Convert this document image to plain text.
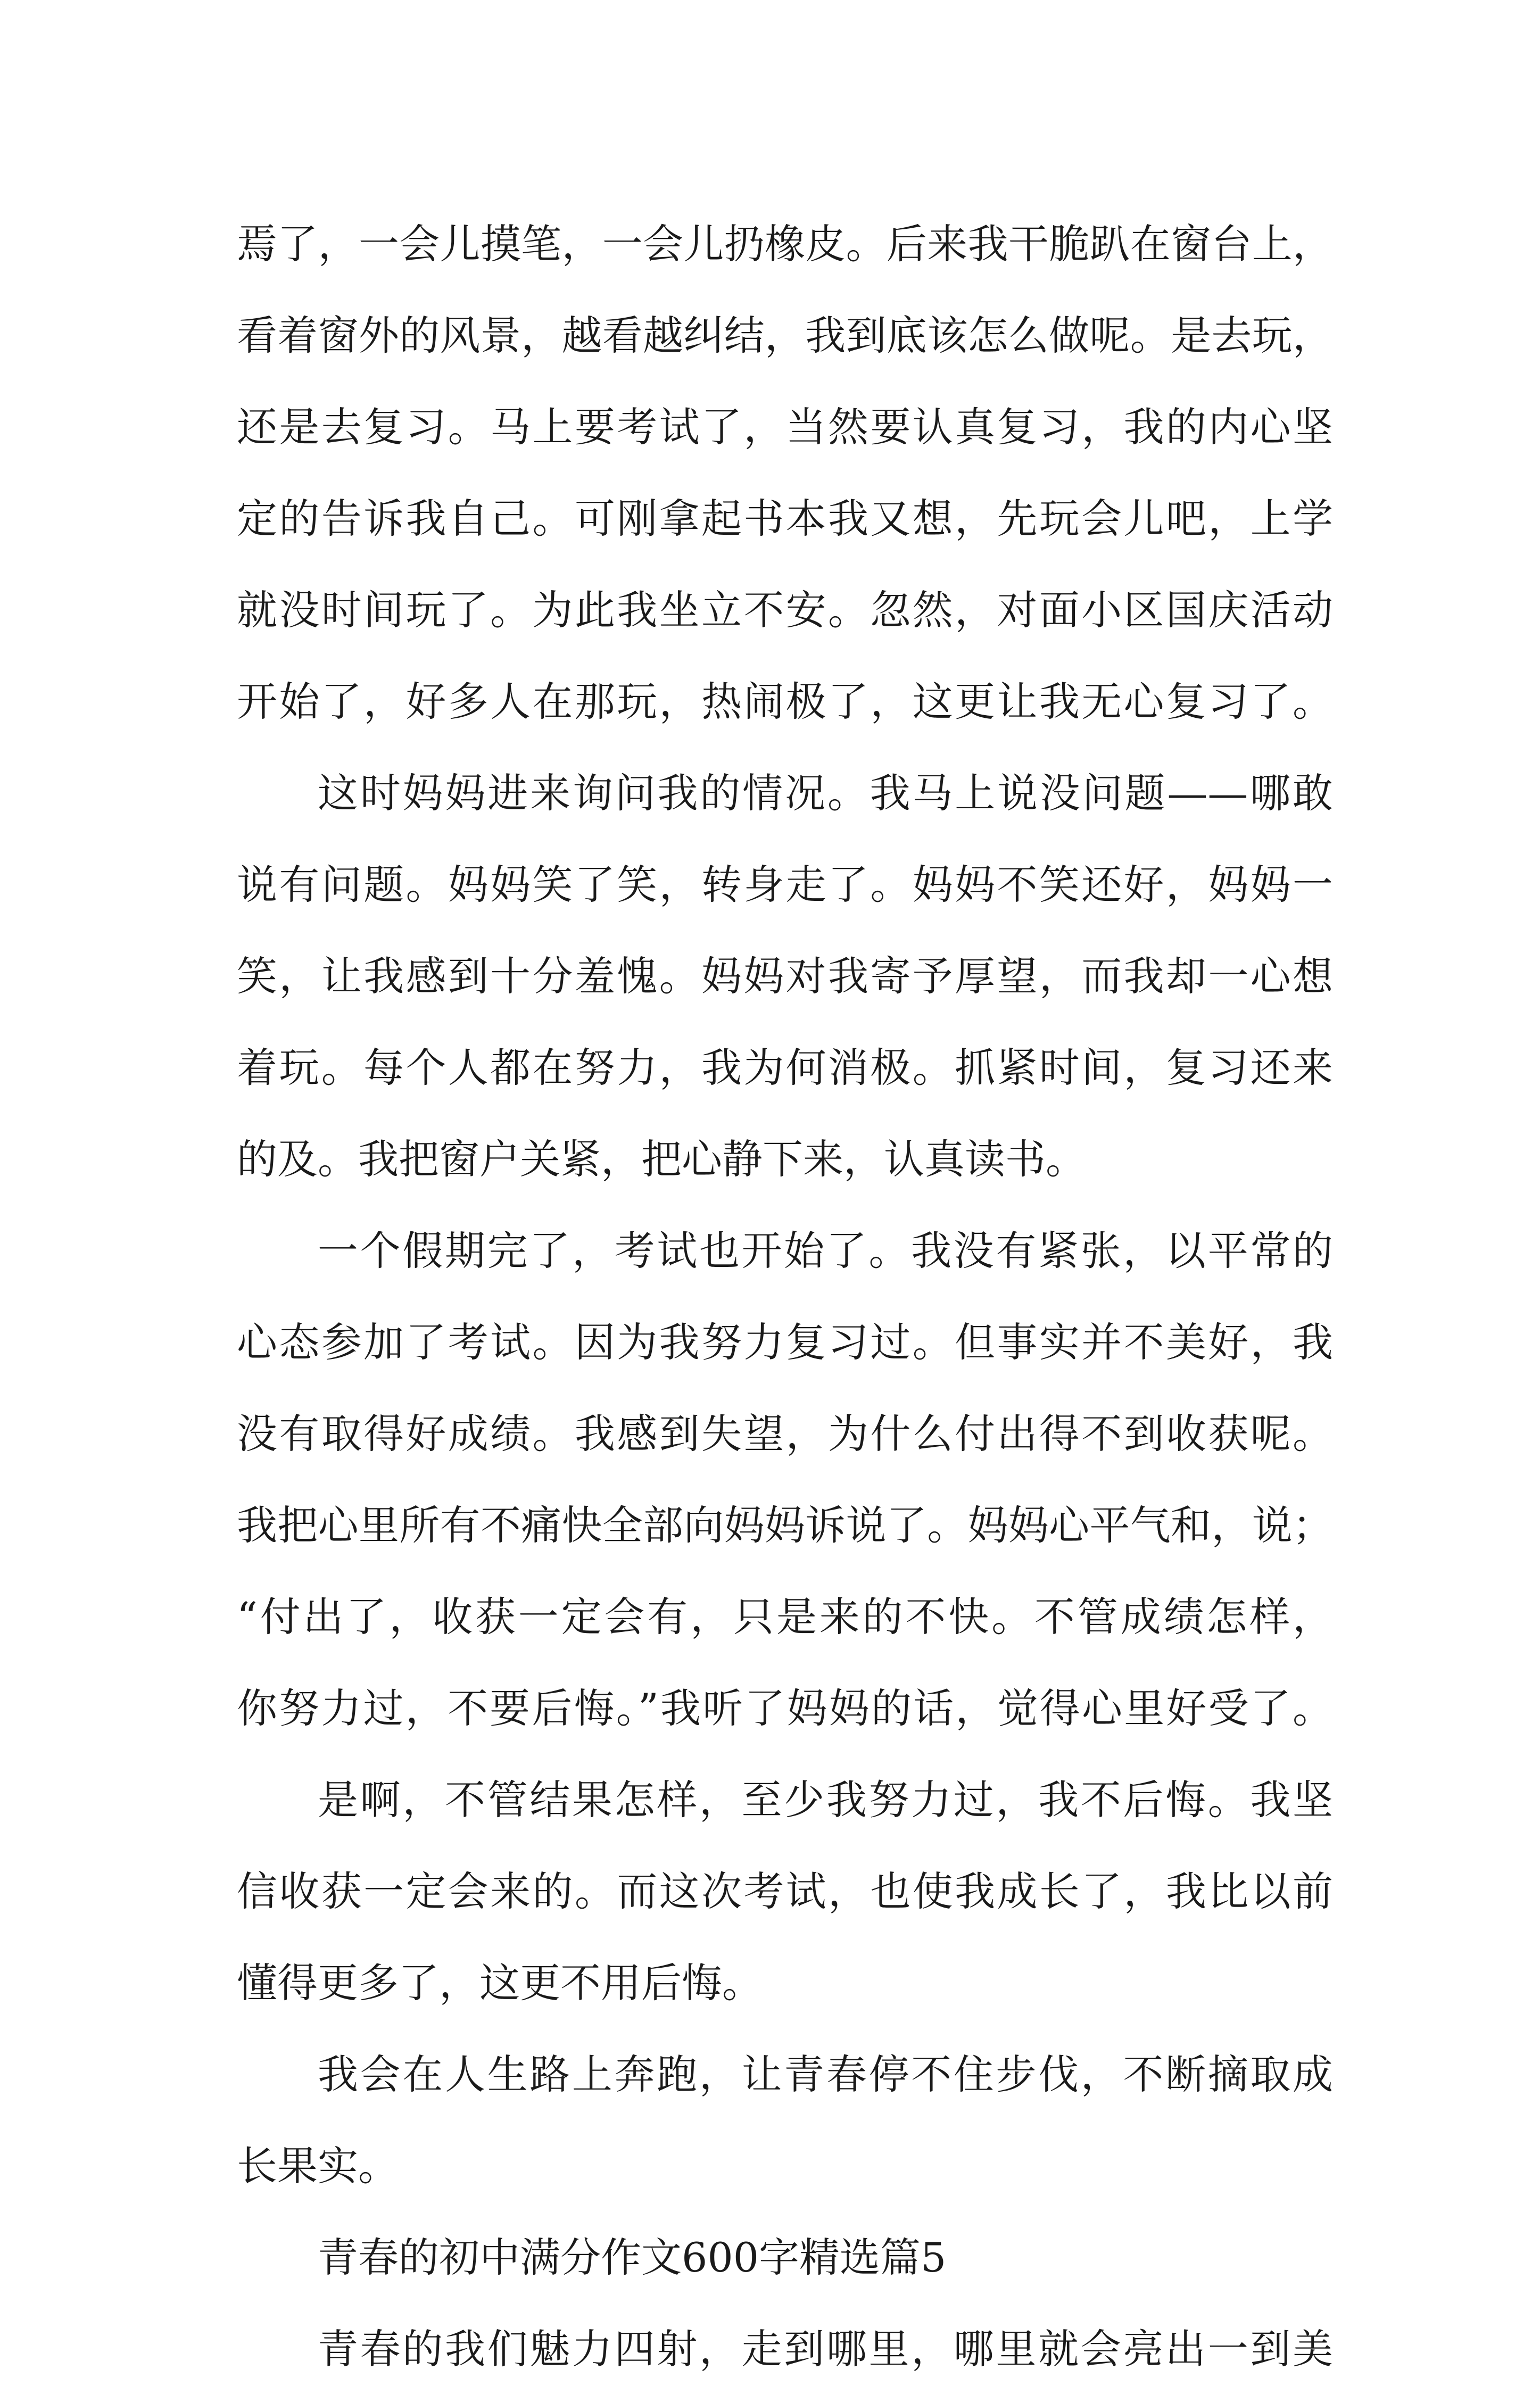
焉了，一会儿摸笔，一会儿扔橡皮。后来我干脆趴在窗台上，
看着窗外的风景，越看越纠结，我到底该怎么做呢。是去玩，
还是去复习。马上要考试了，当然要认真复习，我的内心坚
定的告诉我自己。可刚拿起书本我又想，先玩会儿吧，上学
就没时间玩了。为此我坐立不安。忽然，对面小区国庆活动
开始了，好多人在那玩，热闹极了，这更让我无心复习了。
这时妈妈进来询问我的情况。我马上说没问题——哪敢
说有问题。妈妈笑了笑，转身走了。妈妈不笑还好，妈妈一
笑，让我感到十分羞愧。妈妈对我寄予厚望，而我却一心想
着玩。每个人都在努力，我为何消极。抓紧时间，复习还来
的及。我把窗户关紧，把心静下来，认真读书。
一个假期完了，考试也开始了。我没有紧张，以平常的
心态参加了考试。因为我努力复习过。但事实并不美好，我
没有取得好成绩。我感到失望，为什么付出得不到收获呢。
我把心里所有不痛快全部向妈妈诉说了。妈妈心平气和，说；
“付出了，收获一定会有，只是来的不快。不管成绩怎样，
你努力过，不要后悔。”我听了妈妈的话，觉得心里好受了。
是啊，不管结果怎样，至少我努力过，我不后悔。我坚
信收获一定会来的。而这次考试，也使我成长了，我比以前
懂得更多了，这更不用后悔。
我会在人生路上奔跑，让青春停不住步伐，不断摘取成
长果实。
青春的初中满分作文600字精选篇5
青春的我们魅力四射，走到哪里，哪里就会亮出一到美
